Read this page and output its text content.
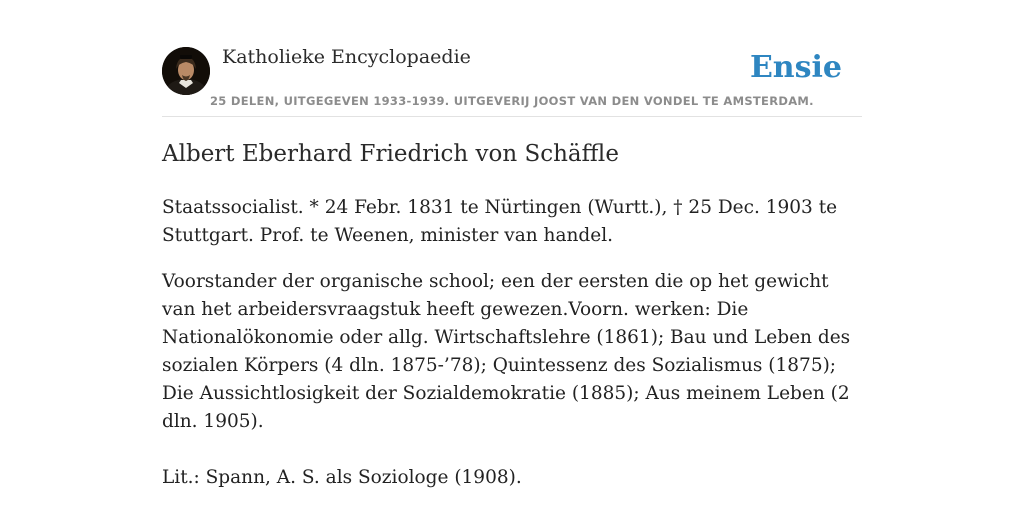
Katholieke Encyclopaedie
25 DELEN, UITGEGEVEN 1933-1939. UITGEVERIJ JOOST VAN DEN VONDEL TE AMSTERDAM.
Ensie
Albert Eberhard Friedrich von Schäffle

Staatssocialist. * 24 Febr. 1831 te Nürtingen (Wurtt.), † 25 Dec. 1903 te Stuttgart. Prof. te Weenen, minister van handel.

Voorstander der organische school; een der eersten die op het gewicht van het arbeidersvraagstuk heeft gewezen.Voorn. werken: Die Nationalökonomie oder allg. Wirtschaftslehre (1861); Bau und Leben des sozialen Körpers (4 dln. 1875-’78); Quintessenz des Sozialismus (1875); Die Aussichtlosigkeit der Sozialdemokratie (1885); Aus meinem Leben (2 dln. 1905).

Lit.: Spann, A. S. als Soziologe (1908).
